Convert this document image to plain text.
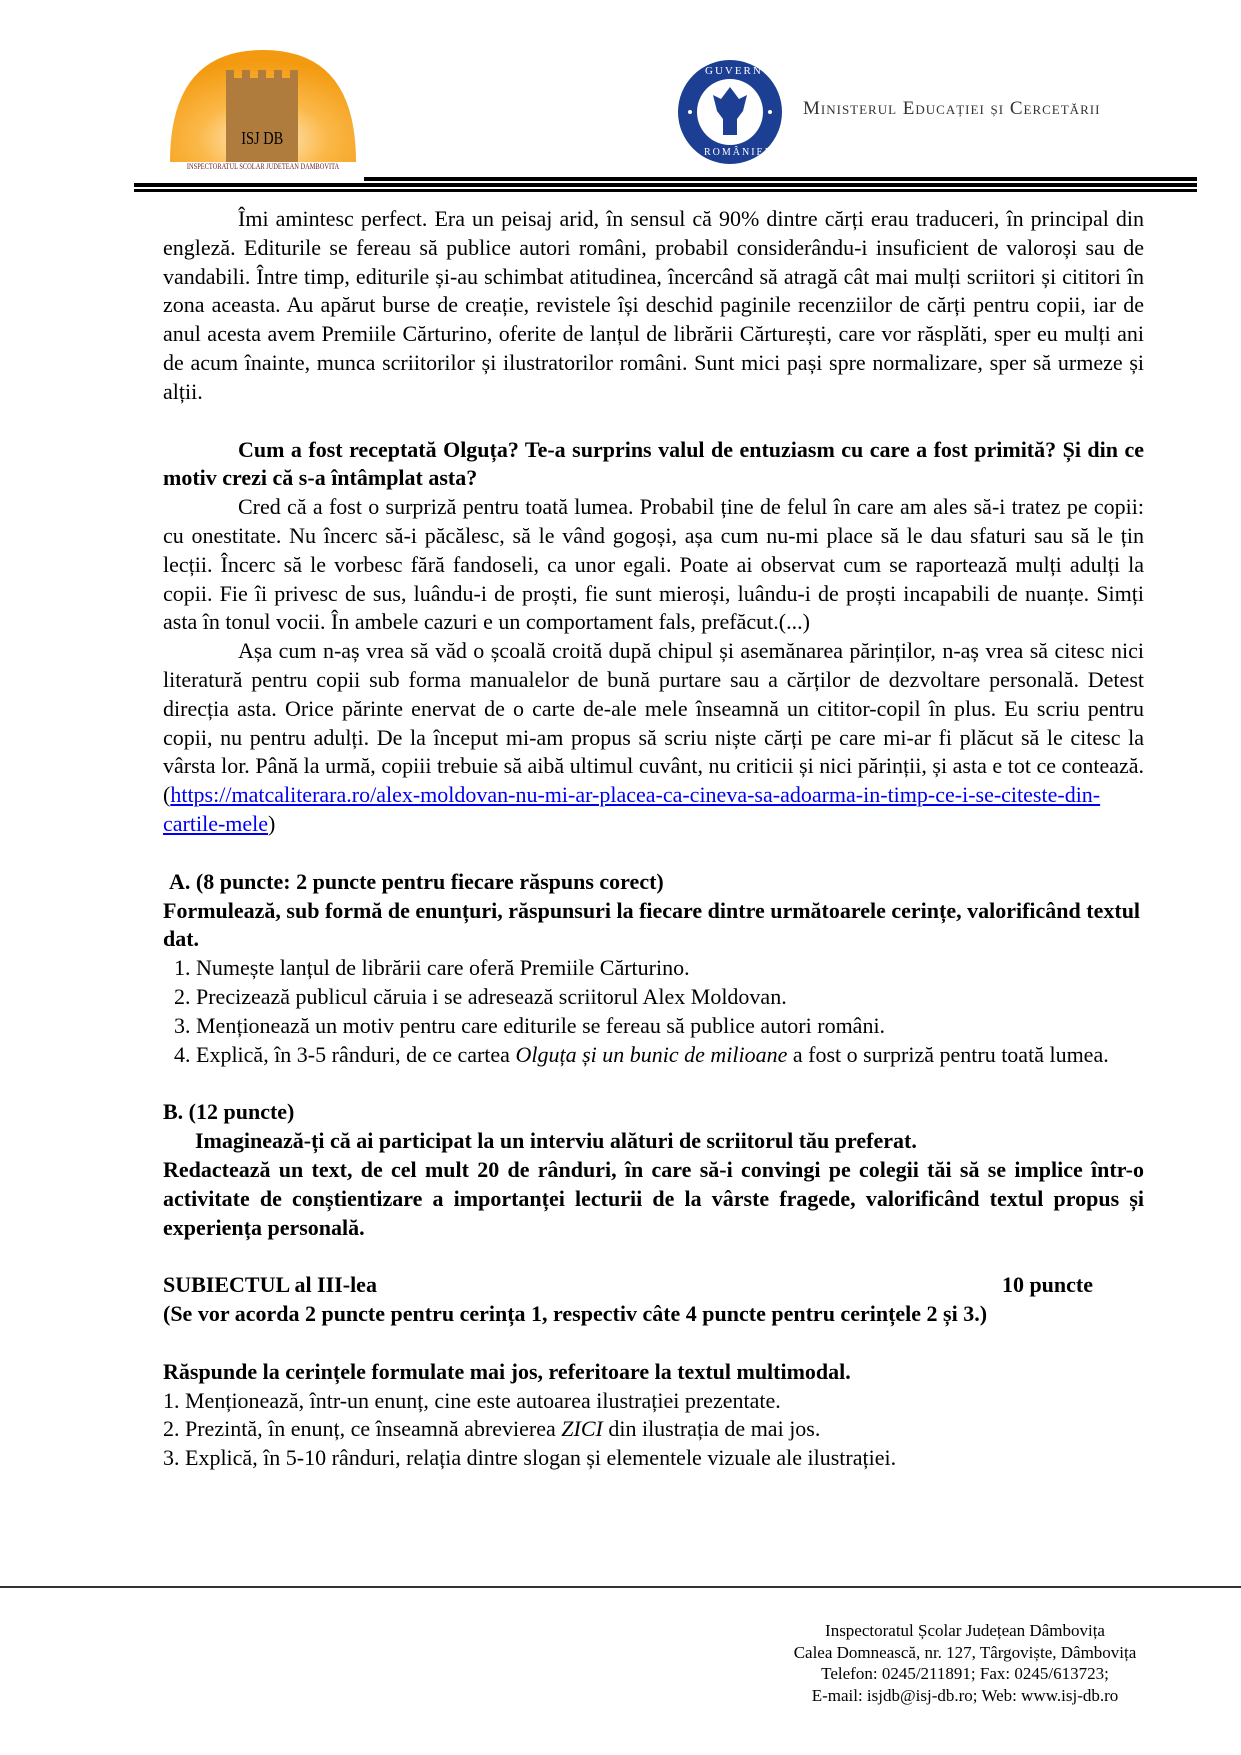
ISJ DB
INSPECTORATUL SCOLAR JUDETEAN DAMBOVITA
GUVERNUL
ROMÂNIEI
Ministerul Educației și Cercetării

Îmi amintesc perfect. Era un peisaj arid, în sensul că 90% dintre cărți erau traduceri, în principal din engleză. Editurile se fereau să publice autori români, probabil considerându-i insuficient de valoroși sau de vandabili. Între timp, editurile și-au schimbat atitudinea, încercând să atragă cât mai mulți scriitori și cititori în zona aceasta. Au apărut burse de creație, revistele își deschid paginile recenziilor de cărți pentru copii, iar de anul acesta avem Premiile Cărturino, oferite de lanțul de librării Cărturești, care vor răsplăti, sper eu mulți ani de acum înainte, munca scriitorilor și ilustratorilor români. Sunt mici pași spre normalizare, sper să urmeze și alții.

Cum a fost receptată Olguța? Te-a surprins valul de entuziasm cu care a fost primită? Și din ce motiv crezi că s-a întâmplat asta?

Cred că a fost o surpriză pentru toată lumea. Probabil ține de felul în care am ales să-i tratez pe copii: cu onestitate. Nu încerc să-i păcălesc, să le vând gogoși, așa cum nu-mi place să le dau sfaturi sau să le țin lecții. Încerc să le vorbesc fără fandoseli, ca unor egali. Poate ai observat cum se raportează mulți adulți la copii. Fie îi privesc de sus, luându-i de proști, fie sunt mieroși, luându-i de proști incapabili de nuanțe. Simți asta în tonul vocii. În ambele cazuri e un comportament fals, prefăcut.(...)

Așa cum n-aș vrea să văd o școală croită după chipul și asemănarea părinților, n-aș vrea să citesc nici literatură pentru copii sub forma manualelor de bună purtare sau a cărților de dezvoltare personală. Detest direcția asta. Orice părinte enervat de o carte de-ale mele înseamnă un cititor-copil în plus. Eu scriu pentru copii, nu pentru adulți. De la început mi-am propus să scriu niște cărți pe care mi-ar fi plăcut să le citesc la vârsta lor. Până la urmă, copiii trebuie să aibă ultimul cuvânt, nu criticii și nici părinții, și asta e tot ce contează. (https://matcaliterara.ro/alex-moldovan-nu-mi-ar-placea-ca-cineva-sa-adoarma-in-timp-ce-i-se-citeste-din-cartile-mele)

A. (8 puncte: 2 puncte pentru fiecare răspuns corect)

Formulează, sub formă de enunțuri, răspunsuri la fiecare dintre următoarele cerințe, valorificând textul dat.

1. Numește lanțul de librării care oferă Premiile Cărturino.
2. Precizează publicul căruia i se adresează scriitorul Alex Moldovan.
3. Menționează un motiv pentru care editurile se fereau să publice autori români.
4. Explică, în 3-5 rânduri, de ce cartea Olguța și un bunic de milioane a fost o surpriză pentru toată lumea.
B. (12 puncte)

Imaginează-ți că ai participat la un interviu alături de scriitorul tău preferat.

Redactează un text, de cel mult 20 de rânduri, în care să-i convingi pe colegii tăi să se implice într-o activitate de conștientizare a importanței lecturii de la vârste fragede, valorificând textul propus și experiența personală.

SUBIECTUL al III-lea	10 puncte
(Se vor acorda 2 puncte pentru cerința 1, respectiv câte 4 puncte pentru cerințele 2 și 3.)
Răspunde la cerințele formulate mai jos, referitoare la textul multimodal.
1. Menționează, într-un enunț, cine este autoarea ilustrației prezentate.
2. Prezintă, în enunț, ce înseamnă abrevierea ZICI din ilustrația de mai jos.
3. Explică, în 5-10 rânduri, relația dintre slogan și elementele vizuale ale ilustrației.
Inspectoratul Școlar Județean Dâmbovița
Calea Domnească, nr. 127, Târgoviște, Dâmbovița
Telefon: 0245/211891; Fax: 0245/613723;
E-mail: isjdb@isj-db.ro; Web: www.isj-db.ro
